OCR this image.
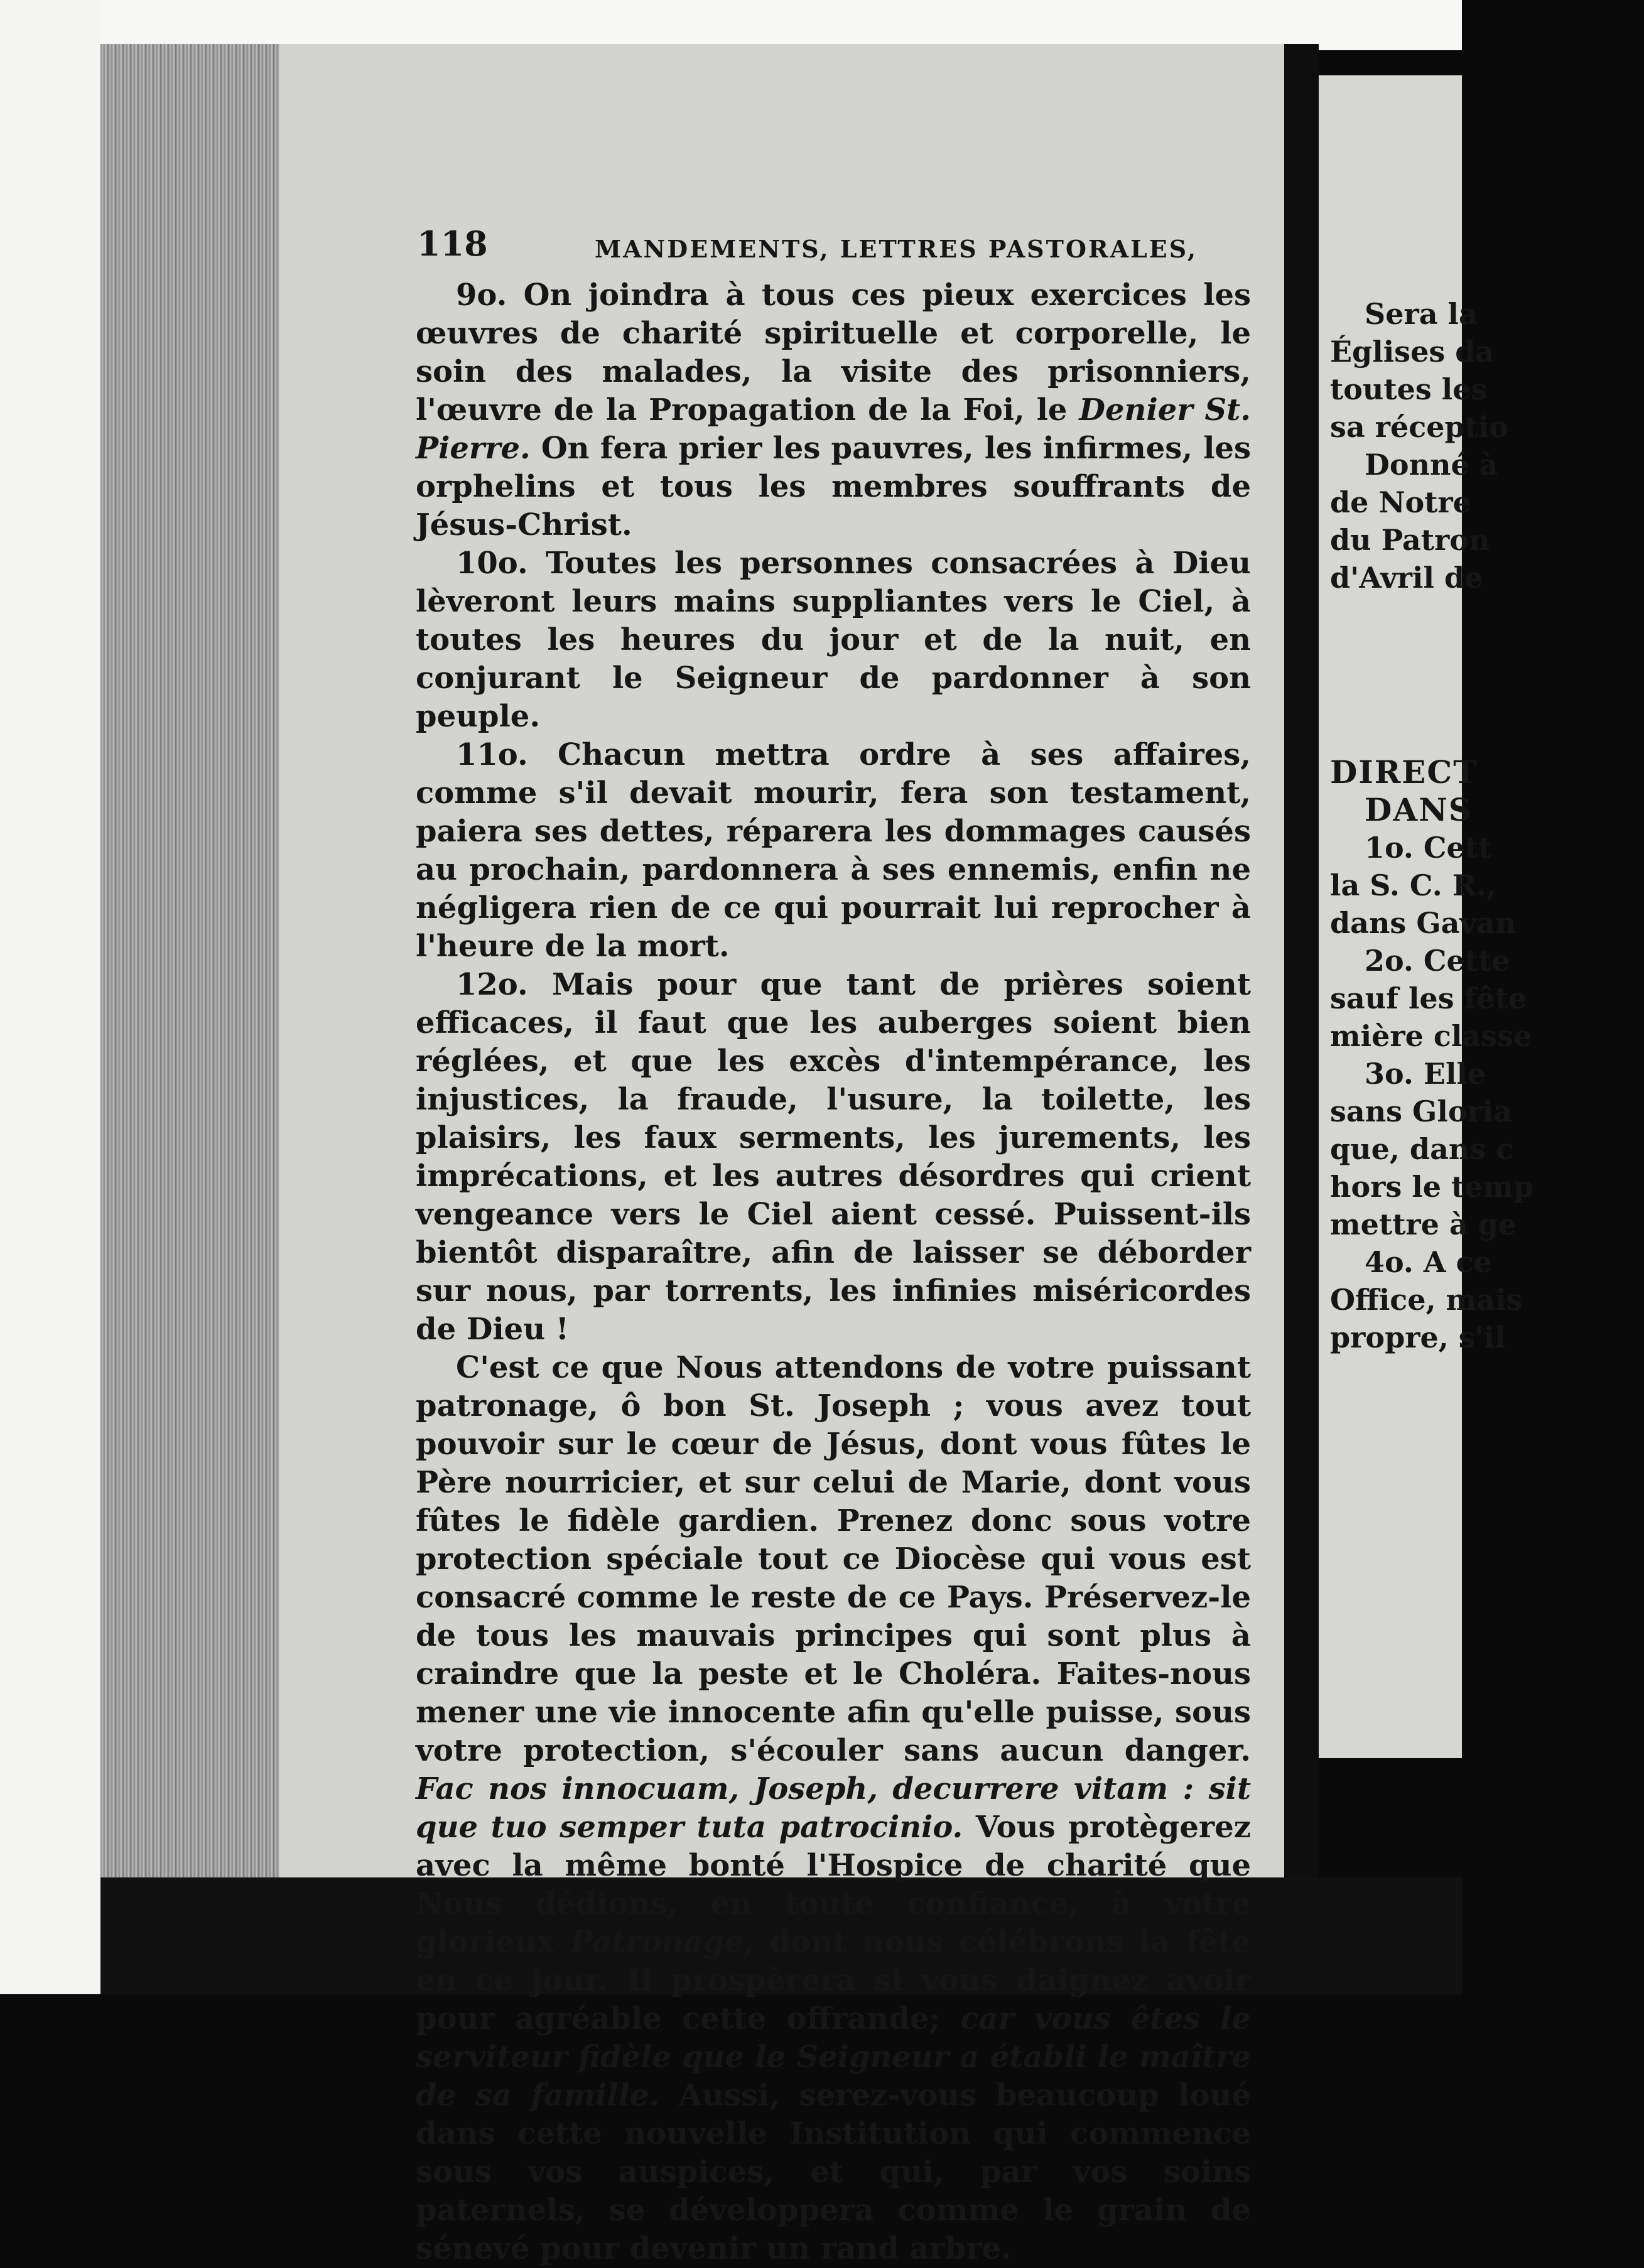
118	MANDEMENTS, LETTRES PASTORALES,

9o. On joindra à tous ces pieux exercices les œuvres de charité spirituelle et corporelle, le soin des malades, la visite des prisonniers, l'œuvre de la Propagation de la Foi, le Denier St. Pierre. On fera prier les pauvres, les infirmes, les orphelins et tous les membres souffrants de Jésus-Christ.

10o. Toutes les personnes consacrées à Dieu lèveront leurs mains suppliantes vers le Ciel, à toutes les heures du jour et de la nuit, en conjurant le Seigneur de pardonner à son peuple.

11o. Chacun mettra ordre à ses affaires, comme s'il devait mourir, fera son testament, paiera ses dettes, réparera les dommages causés au prochain, pardonnera à ses ennemis, enfin ne négligera rien de ce qui pourrait lui reprocher à l'heure de la mort.

12o. Mais pour que tant de prières soient efficaces, il faut que les auberges soient bien réglées, et que les excès d'intempérance, les injustices, la fraude, l'usure, la toilette, les plaisirs, les faux serments, les jurements, les imprécations, et les autres désordres qui crient vengeance vers le Ciel aient cessé. Puissent-ils bientôt disparaître, afin de laisser se déborder sur nous, par torrents, les infinies miséricordes de Dieu !

C'est ce que Nous attendons de votre puissant patronage, ô bon St. Joseph ; vous avez tout pouvoir sur le cœur de Jésus, dont vous fûtes le Père nourricier, et sur celui de Marie, dont vous fûtes le fidèle gardien. Prenez donc sous votre protection spéciale tout ce Diocèse qui vous est consacré comme le reste de ce Pays. Préservez-le de tous les mauvais principes qui sont plus à craindre que la peste et le Choléra. Faites-nous mener une vie innocente afin qu'elle puisse, sous votre protection, s'écouler sans aucun danger. Fac nos innocuam, Joseph, decurrere vitam : sit que tuo semper tuta patrocinio. Vous protègerez avec la même bonté l'Hospice de charité que Nous dédions, en toute confiance, à votre glorieux Patronage, dont nous célébrons la fête en ce jour. Il prospèrera si vous daignez avoir pour agréable cette offrande; car vous êtes le serviteur fidèle que le Seigneur a établi le maître de sa famille. Aussi, serez-vous beaucoup loué dans cette nouvelle Institution qui commence sous vos auspices, et qui, par vos soins paternels, se développera comme le grain de sénevé pour devenir un rand arbre.

Sera la
Églises da
toutes les
sa réceptio
Donné à
de Notre
du Patron
d'Avril de
DIRECT
DANS
1o. Cett
la S. C. R.,
dans Gavan
2o. Cette
sauf les fête
mière classe
3o. Elle
sans Gloria
que, dans c
hors le temp
mettre à ge
4o. A ce
Office, mais
propre, s'il
